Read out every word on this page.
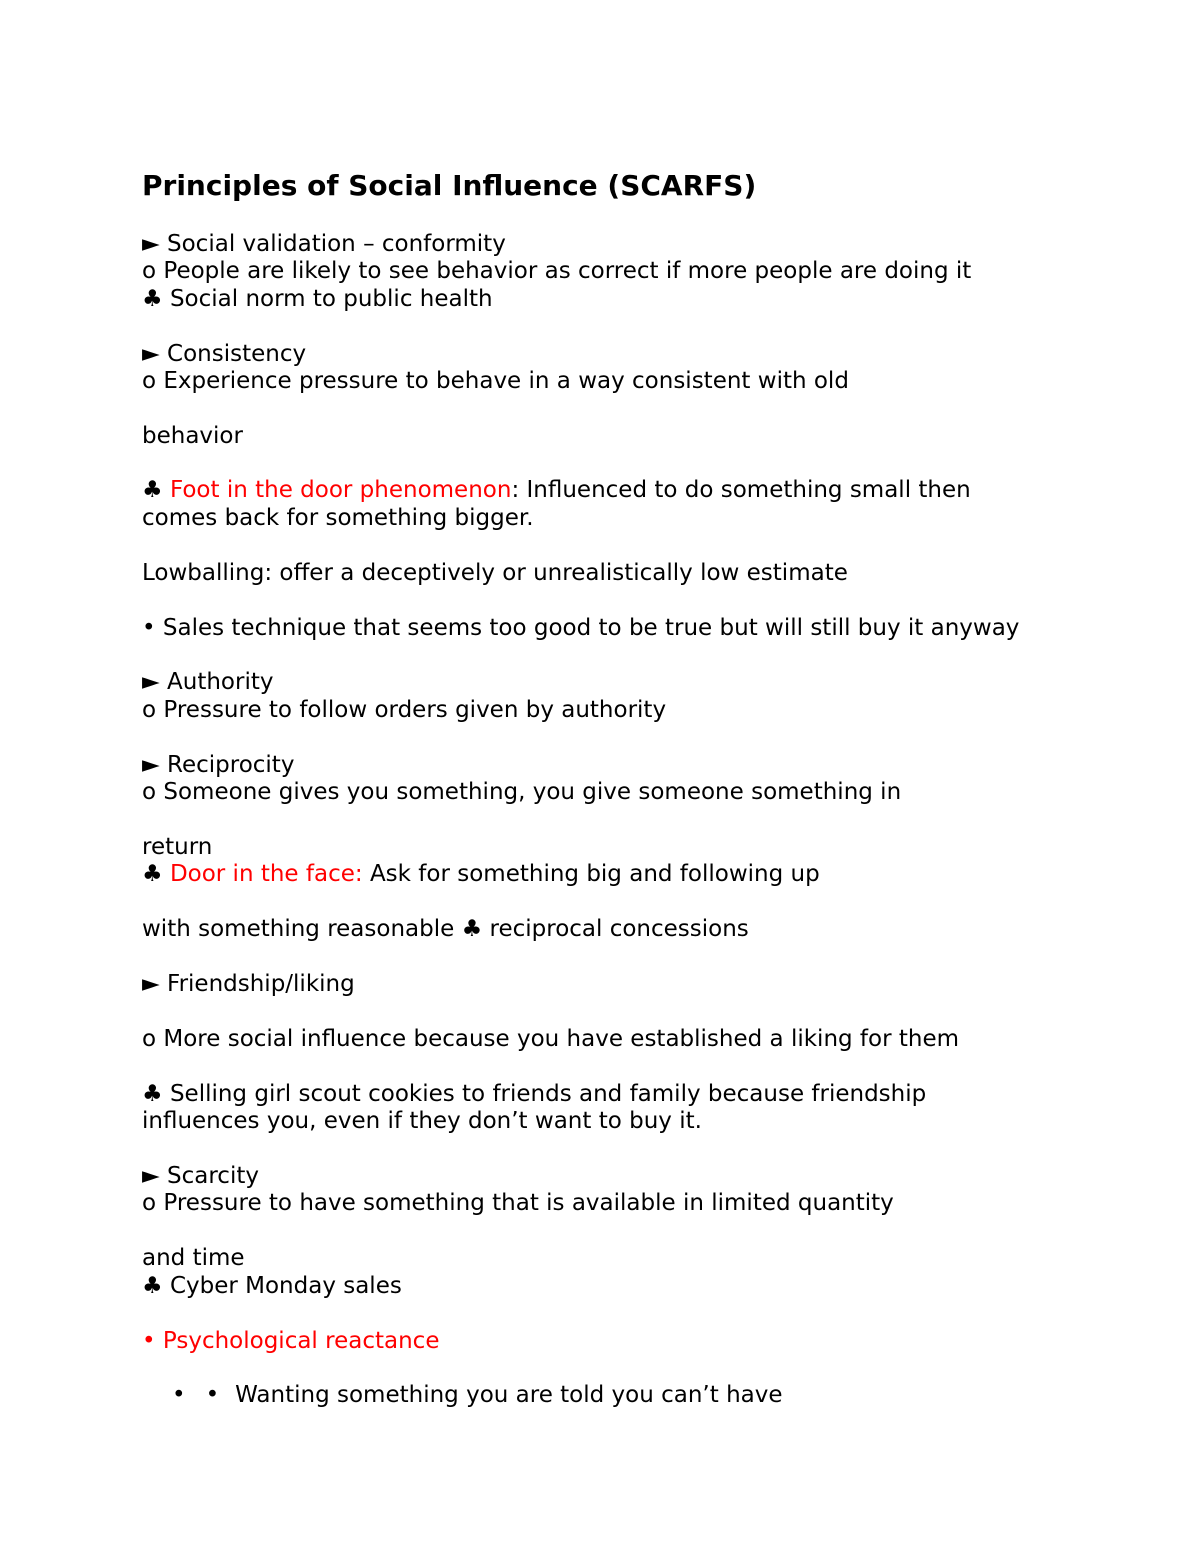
Principles of Social Influence (SCARFS)
► Social validation – conformity
o People are likely to see behavior as correct if more people are doing it
♣ Social norm to public health
► Consistency
o Experience pressure to behave in a way consistent with old
behavior
♣ Foot in the door phenomenon: Influenced to do something small then
comes back for something bigger.
Lowballing: offer a deceptively or unrealistically low estimate
• Sales technique that seems too good to be true but will still buy it anyway
► Authority
o Pressure to follow orders given by authority
► Reciprocity
o Someone gives you something, you give someone something in
return
♣ Door in the face: Ask for something big and following up
with something reasonable ♣ reciprocal concessions
► Friendship/liking
o More social influence because you have established a liking for them
♣ Selling girl scout cookies to friends and family because friendship
influences you, even if they don’t want to buy it.
► Scarcity
o Pressure to have something that is available in limited quantity
and time
♣ Cyber Monday sales
• Psychological reactance
• • Wanting something you are told you can’t have
